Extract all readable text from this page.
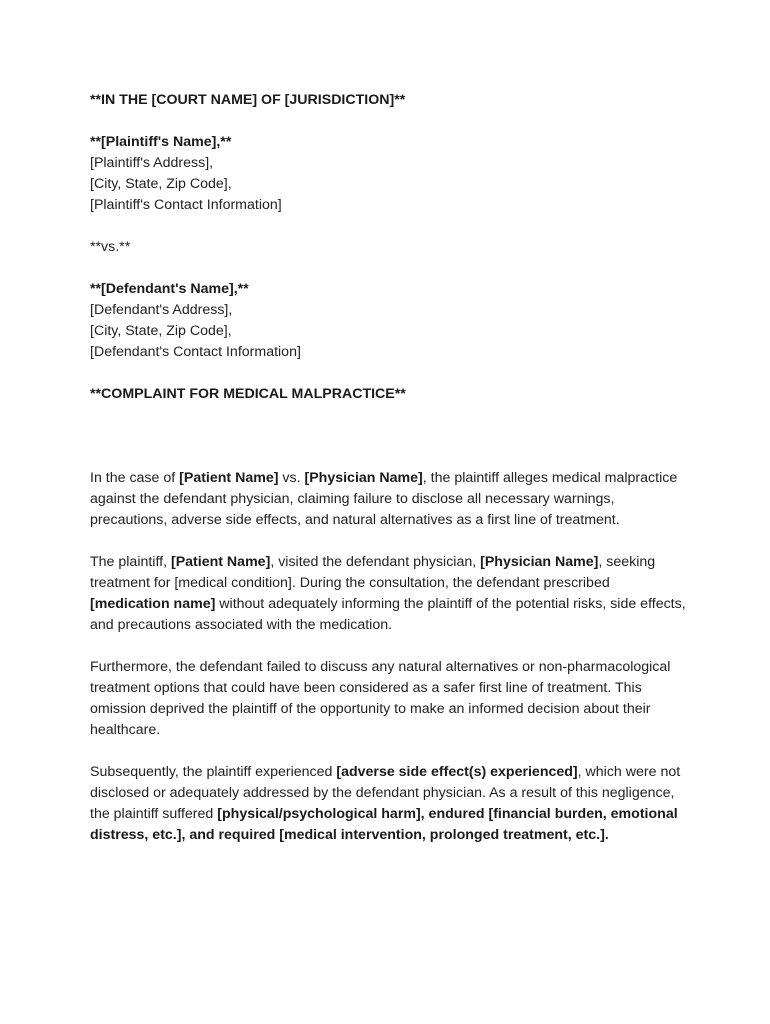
**IN THE [COURT NAME] OF [JURISDICTION]**

**[Plaintiff's Name],**

[Plaintiff's Address],

[City, State, Zip Code],

[Plaintiff's Contact Information]

**vs.**

**[Defendant's Name],**

[Defendant's Address],

[City, State, Zip Code],

[Defendant's Contact Information]

**COMPLAINT FOR MEDICAL MALPRACTICE**

In the case of [Patient Name] vs. [Physician Name], the plaintiff alleges medical malpractice against the defendant physician, claiming failure to disclose all necessary warnings, precautions, adverse side effects, and natural alternatives as a first line of treatment.

The plaintiff, [Patient Name], visited the defendant physician, [Physician Name], seeking treatment for [medical condition]. During the consultation, the defendant prescribed [medication name] without adequately informing the plaintiff of the potential risks, side effects, and precautions associated with the medication.

Furthermore, the defendant failed to discuss any natural alternatives or non-pharmacological treatment options that could have been considered as a safer first line of treatment. This omission deprived the plaintiff of the opportunity to make an informed decision about their healthcare.

Subsequently, the plaintiff experienced [adverse side effect(s) experienced], which were not disclosed or adequately addressed by the defendant physician. As a result of this negligence, the plaintiff suffered [physical/psychological harm], endured [financial burden, emotional distress, etc.], and required [medical intervention, prolonged treatment, etc.].
